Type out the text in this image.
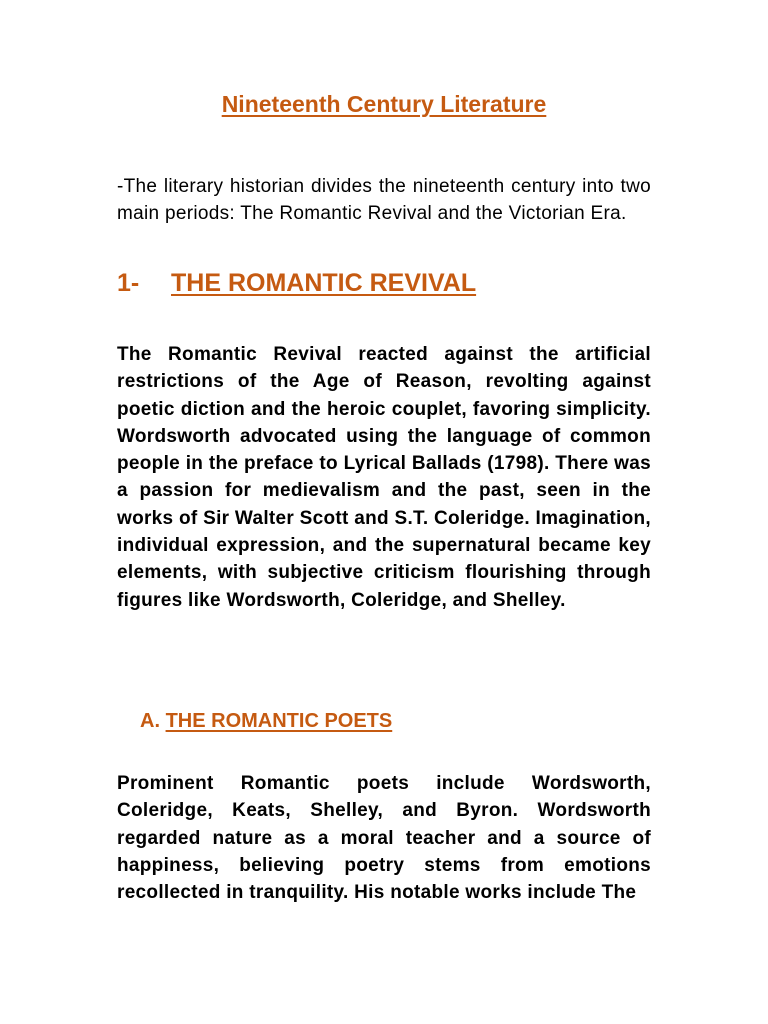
Nineteenth Century Literature

-The literary historian divides the nineteenth century into two main periods: The Romantic Revival and the Victorian Era.

1- THE ROMANTIC REVIVAL

The Romantic Revival reacted against the artificial restrictions of the Age of Reason, revolting against poetic diction and the heroic couplet, favoring simplicity. Wordsworth advocated using the language of common people in the preface to Lyrical Ballads (1798). There was a passion for medievalism and the past, seen in the works of Sir Walter Scott and S.T. Coleridge. Imagination, individual expression, and the supernatural became key elements, with subjective criticism flourishing through figures like Wordsworth, Coleridge, and Shelley.

A. THE ROMANTIC POETS

Prominent Romantic poets include Wordsworth, Coleridge, Keats, Shelley, and Byron. Wordsworth regarded nature as a moral teacher and a source of happiness, believing poetry stems from emotions recollected in tranquility. His notable works include The
